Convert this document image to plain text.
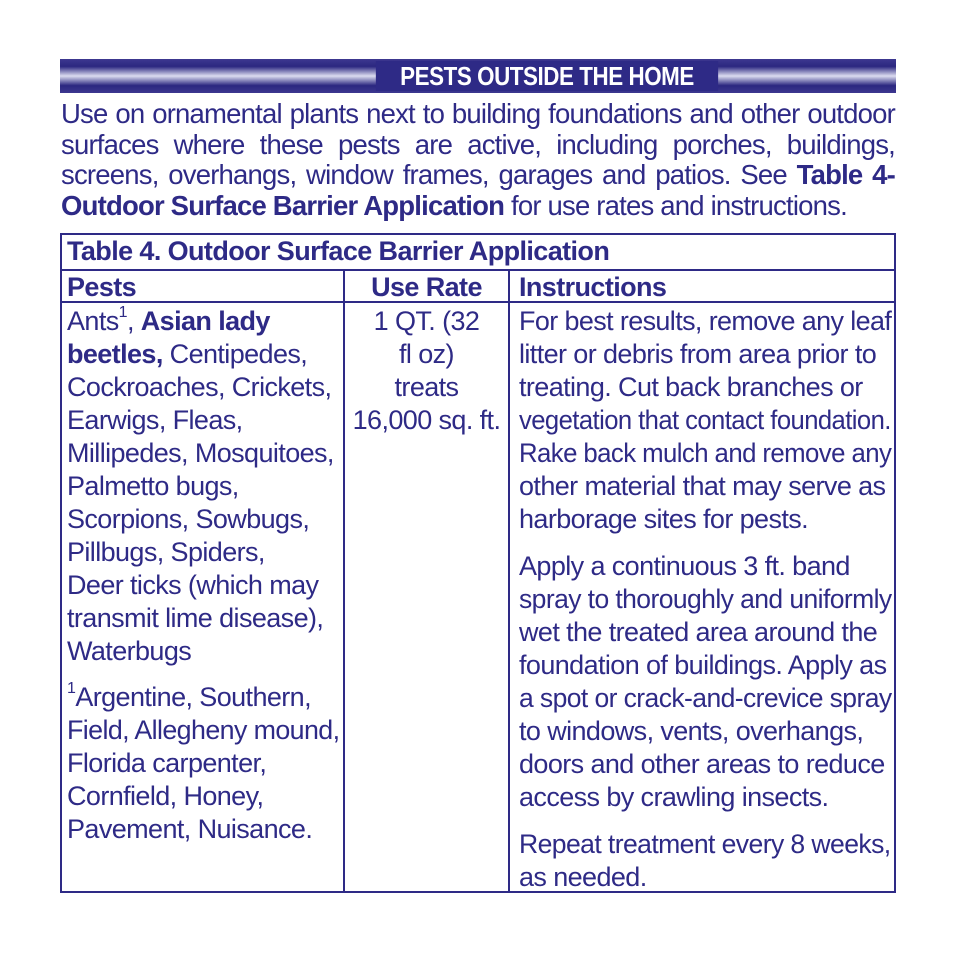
PESTS OUTSIDE THE HOME
Use on ornamental plants next to building foundations and other outdoor surfaces where these pests are active, including porches, buildings, screens, overhangs, window frames, garages and patios. See Table 4-Outdoor Surface Barrier Application for use rates and instructions.
Table 4. Outdoor Surface Barrier Application
Pests	Use Rate	Instructions
Ants$^1$, Asian lady
beetles, Centipedes,
Cockroaches, Crickets,
Earwigs, Fleas,
Millipedes, Mosquitoes,
Palmetto bugs,
Scorpions, Sowbugs,
Pillbugs, Spiders,
Deer ticks (which may
transmit lime disease),
Waterbugs
$^1$Argentine, Southern,
Field, Allegheny mound,
Florida carpenter,
Cornfield, Honey,
Pavement, Nuisance.
1 QT. (32
fl oz)
treats
16,000 sq. ft.
For best results, remove any leaf
litter or debris from area prior to
treating. Cut back branches or
vegetation that contact foundation.
Rake back mulch and remove any
other material that may serve as
harborage sites for pests.
Apply a continuous 3 ft. band
spray to thoroughly and uniformly
wet the treated area around the
foundation of buildings. Apply as
a spot or crack-and-crevice spray
to windows, vents, overhangs,
doors and other areas to reduce
access by crawling insects.
Repeat treatment every 8 weeks,
as needed.
